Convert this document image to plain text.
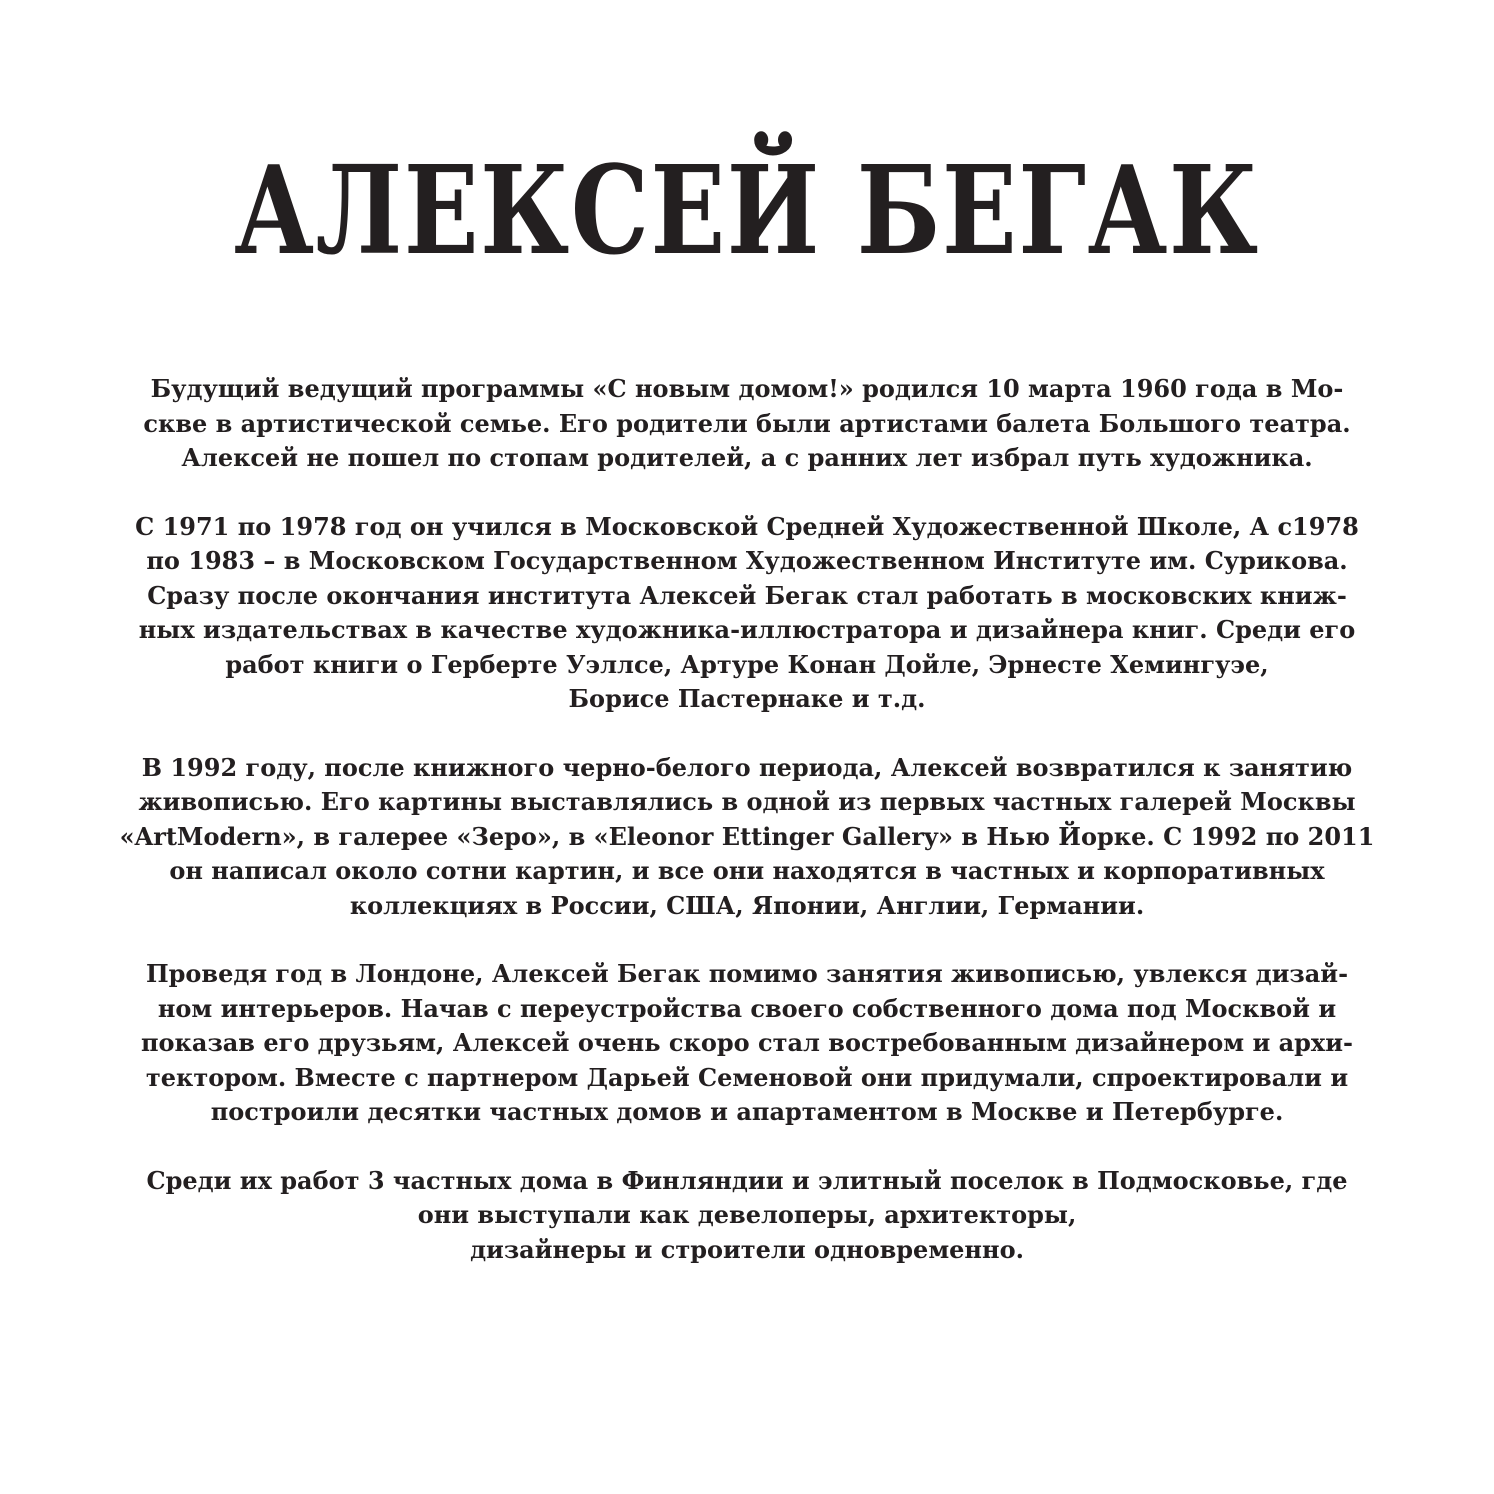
АЛЕКСЕЙ БЕГАК
Будущий ведущий программы «С новым домом!» родился 10 марта 1960 года в Мо-
скве в артистической семье. Его родители были артистами балета Большого театра.
Алексей не пошел по стопам родителей, а с ранних лет избрал путь художника.
С 1971 по 1978 год он учился в Московской Средней Художественной Школе, А с1978
по 1983 – в Московском Государственном Художественном Институте им. Сурикова.
Сразу после окончания института Алексей Бегак стал работать в московских книж-
ных издательствах в качестве художника-иллюстратора и дизайнера книг. Среди его
работ книги о Герберте Уэллсе, Артуре Конан Дойле, Эрнесте Хемингуэе,
Борисе Пастернаке и т.д.
В 1992 году, после книжного черно-белого периода, Алексей возвратился к занятию
живописью. Его картины выставлялись в одной из первых частных галерей Москвы
«ArtModern», в галерее «Зеро», в «Eleonor Ettinger Gallery» в Нью Йорке. С 1992 по 2011
он написал около сотни картин, и все они находятся в частных и корпоративных
коллекциях в России, США, Японии, Англии, Германии.
Проведя год в Лондоне, Алексей Бегак помимо занятия живописью, увлекся дизай-
ном интерьеров. Начав с переустройства своего собственного дома под Москвой и
показав его друзьям, Алексей очень скоро стал востребованным дизайнером и архи-
тектором. Вместе с партнером Дарьей Семеновой они придумали, спроектировали и
построили десятки частных домов и апартаментом в Москве и Петербурге.
Среди их работ 3 частных дома в Финляндии и элитный поселок в Подмосковье, где
они выступали как девелоперы, архитекторы,
дизайнеры и строители одновременно.
